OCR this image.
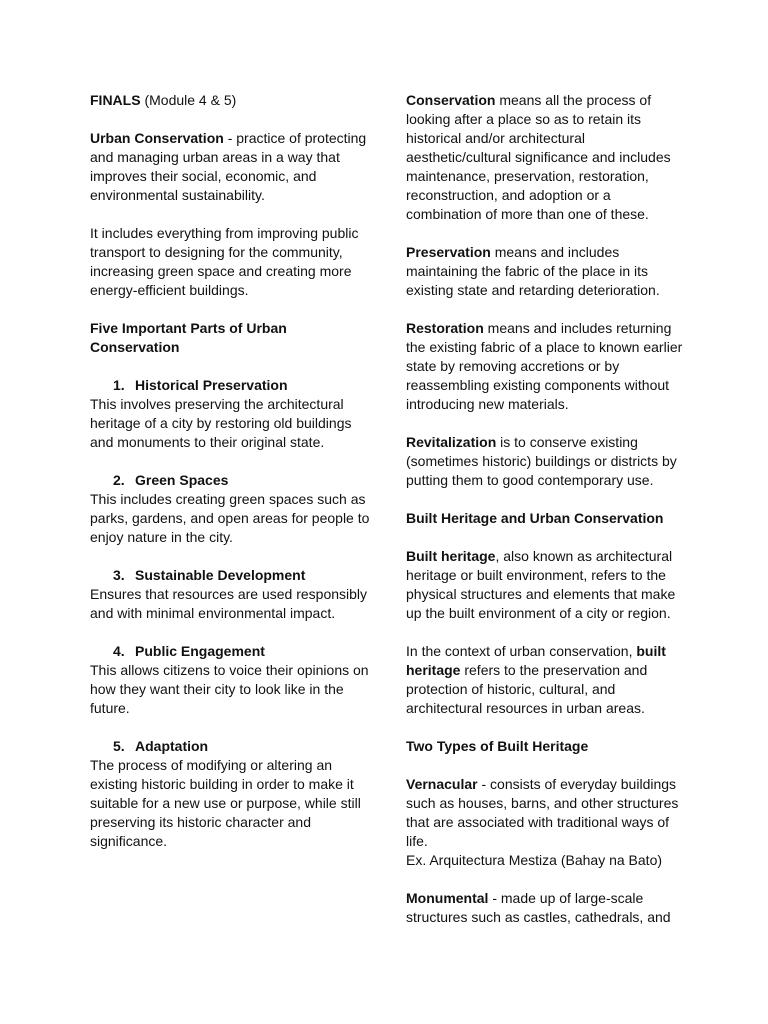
FINALS (Module 4 & 5)

Urban Conservation - practice of protecting and managing urban areas in a way that improves their social, economic, and environmental sustainability.

It includes everything from improving public transport to designing for the community, increasing green space and creating more energy-efficient buildings.

Five Important Parts of Urban Conservation

1. Historical Preservation

This involves preserving the architectural heritage of a city by restoring old buildings and monuments to their original state.

2. Green Spaces

This includes creating green spaces such as parks, gardens, and open areas for people to enjoy nature in the city.

3. Sustainable Development

Ensures that resources are used responsibly and with minimal environmental impact.

4. Public Engagement

This allows citizens to voice their opinions on how they want their city to look like in the future.

5. Adaptation

The process of modifying or altering an existing historic building in order to make it suitable for a new use or purpose, while still preserving its historic character and significance.

Conservation means all the process of looking after a place so as to retain its historical and/or architectural aesthetic/cultural significance and includes maintenance, preservation, restoration, reconstruction, and adoption or a combination of more than one of these.

Preservation means and includes maintaining the fabric of the place in its existing state and retarding deterioration.

Restoration means and includes returning the existing fabric of a place to known earlier state by removing accretions or by reassembling existing components without introducing new materials.

Revitalization is to conserve existing (sometimes historic) buildings or districts by putting them to good contemporary use.

Built Heritage and Urban Conservation

Built heritage, also known as architectural heritage or built environment, refers to the physical structures and elements that make up the built environment of a city or region.

In the context of urban conservation, built heritage refers to the preservation and protection of historic, cultural, and architectural resources in urban areas.

Two Types of Built Heritage

Vernacular - consists of everyday buildings such as houses, barns, and other structures that are associated with traditional ways of life.
Ex. Arquitectura Mestiza (Bahay na Bato)

Monumental - made up of large-scale structures such as castles, cathedrals, and
